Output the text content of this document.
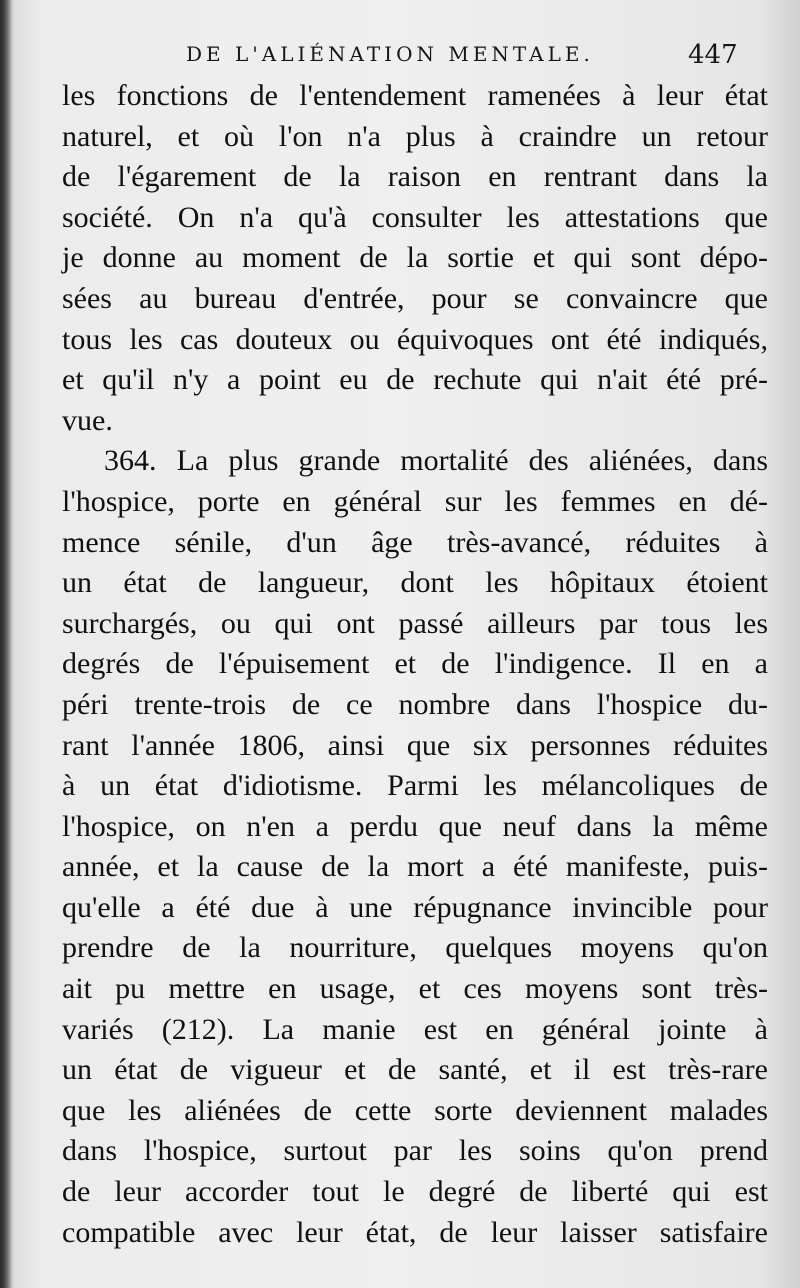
DE L'ALIÉNATION MENTALE.	447
les fonctions de l'entendement ramenées à leur état
naturel, et où l'on n'a plus à craindre un retour
de l'égarement de la raison en rentrant dans la
société. On n'a qu'à consulter les attestations que
je donne au moment de la sortie et qui sont dépo-
sées au bureau d'entrée, pour se convaincre que
tous les cas douteux ou équivoques ont été indiqués,
et qu'il n'y a point eu de rechute qui n'ait été pré-
vue.
364. La plus grande mortalité des aliénées, dans
l'hospice, porte en général sur les femmes en dé-
mence sénile, d'un âge très-avancé, réduites à
un état de langueur, dont les hôpitaux étoient
surchargés, ou qui ont passé ailleurs par tous les
degrés de l'épuisement et de l'indigence. Il en a
péri trente-trois de ce nombre dans l'hospice du-
rant l'année 1806, ainsi que six personnes réduites
à un état d'idiotisme. Parmi les mélancoliques de
l'hospice, on n'en a perdu que neuf dans la même
année, et la cause de la mort a été manifeste, puis-
qu'elle a été due à une répugnance invincible pour
prendre de la nourriture, quelques moyens qu'on
ait pu mettre en usage, et ces moyens sont très-
variés (212). La manie est en général jointe à
un état de vigueur et de santé, et il est très-rare
que les aliénées de cette sorte deviennent malades
dans l'hospice, surtout par les soins qu'on prend
de leur accorder tout le degré de liberté qui est
compatible avec leur état, de leur laisser satisfaire
